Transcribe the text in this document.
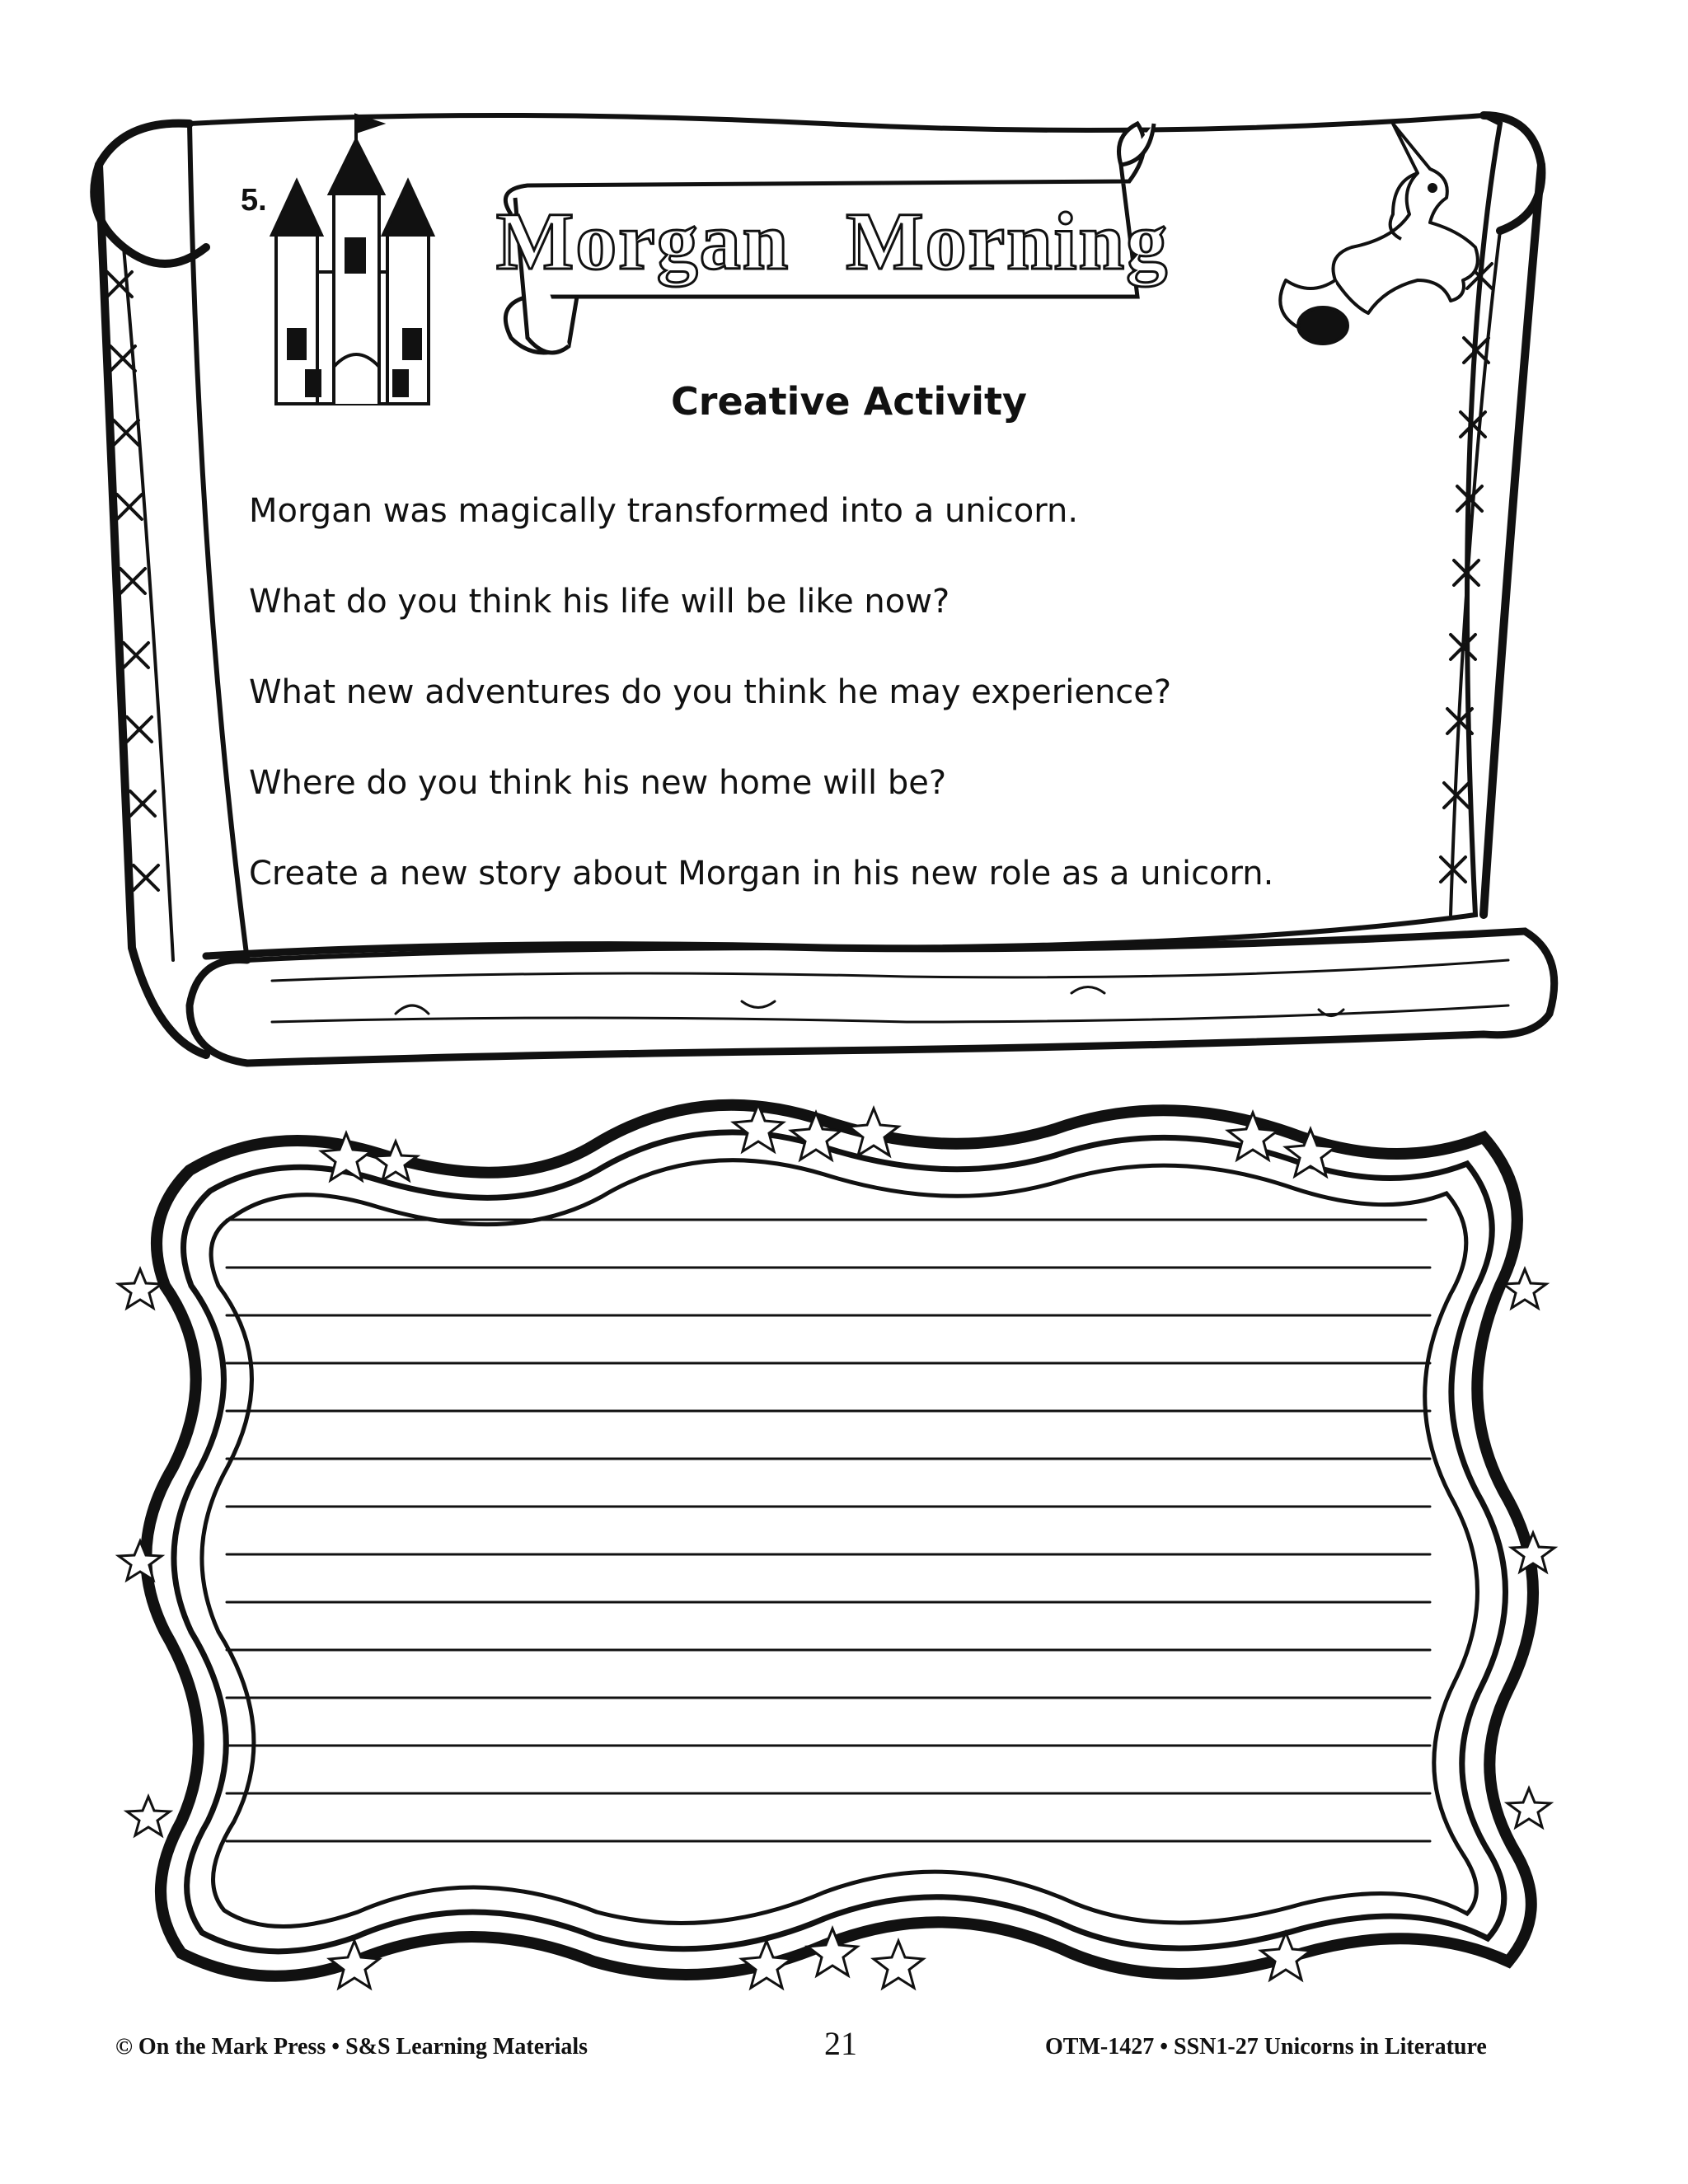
5.	Morgan Morning
Creative Activity
Morgan was magically transformed into a unicorn.
What do you think his life will be like now?
What new adventures do you think he may experience?
Where do you think his new home will be?
Create a new story about Morgan in his new role as a unicorn.
© On the Mark Press • S&S Learning Materials	21	OTM-1427 • SSN1-27 Unicorns in Literature
